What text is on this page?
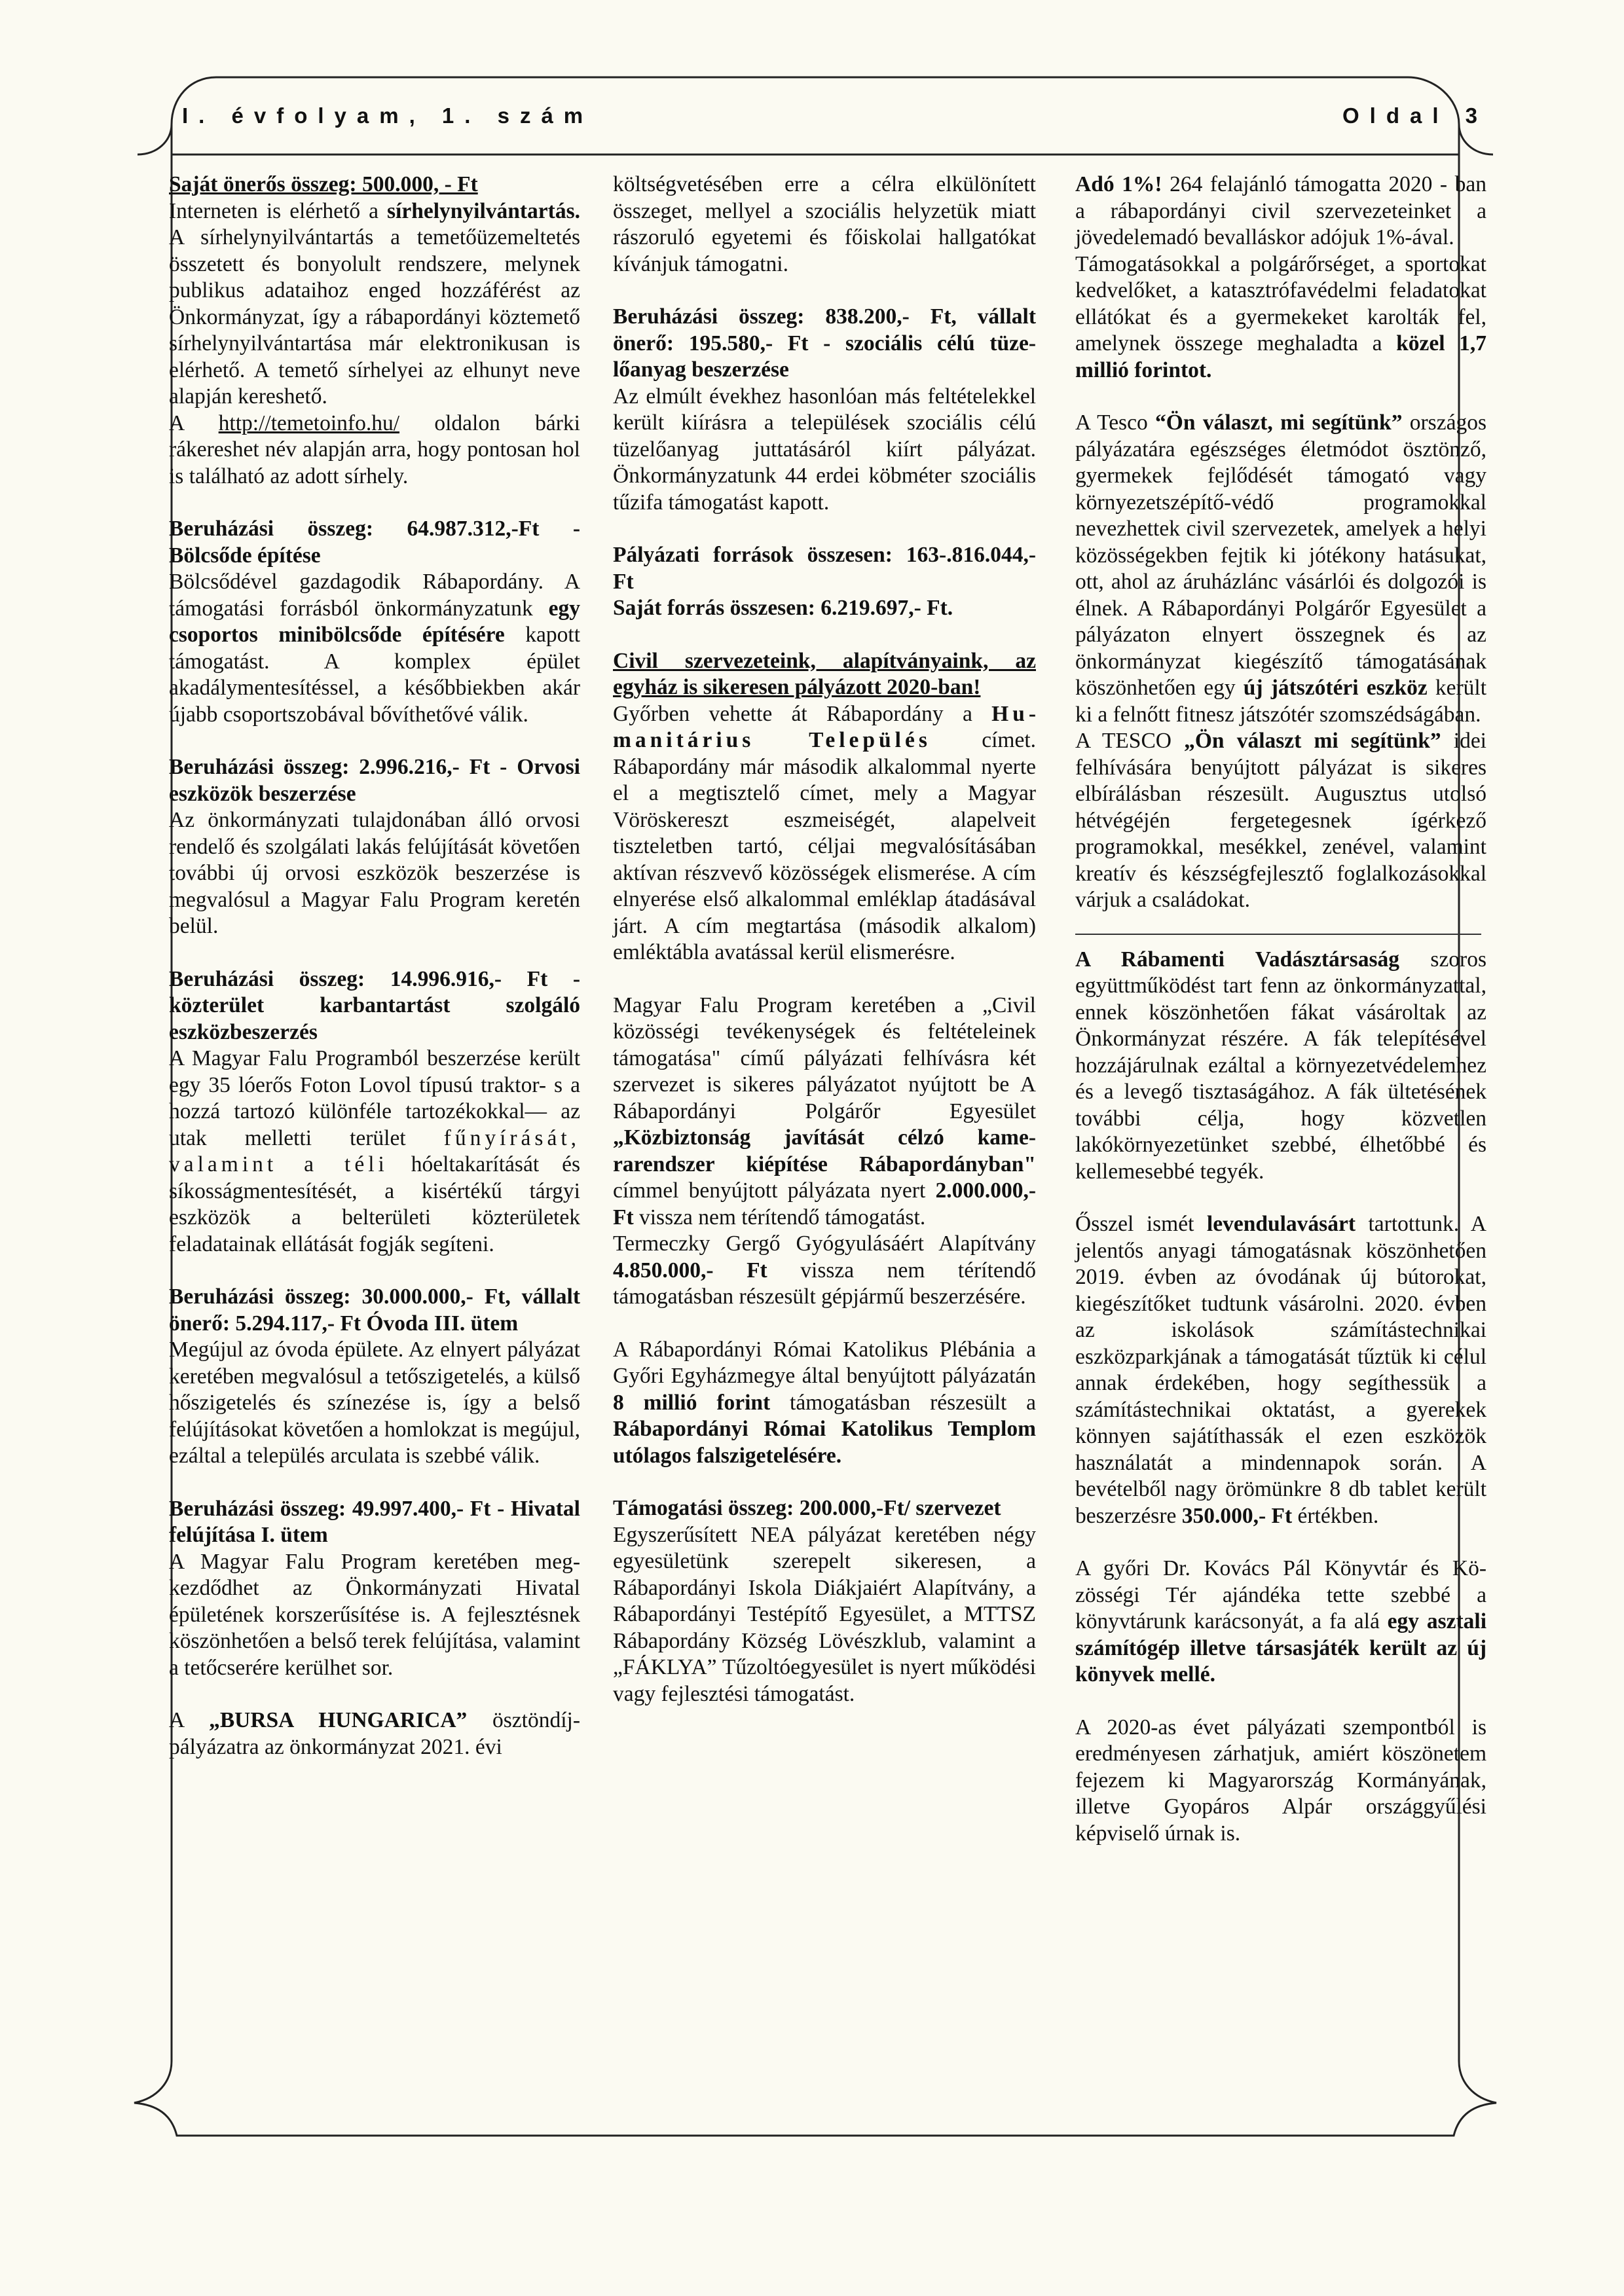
I. évfolyam, 1. szám	Oldal 3

Saját önerős összeg: 500.000, - Ft

Interneten is elérhető a sírhelynyilvántartás. A sírhelynyilvántartás a temetőüzemeltetés összetett és bonyolult rendszere, melynek publikus adataihoz enged hozzáférést az Önkormányzat, így a rábapordányi köztemető sírhelynyilvántartása már elektronikusan is elérhető. A temető sírhelyei az elhunyt neve alapján kereshető.

A http://temetoinfo.hu/ oldalon bárki rákereshet név alapján arra, hogy pontosan hol is található az adott sírhely.

Beruházási összeg: 64.987.312,-Ft - Bölcsőde építése

Bölcsődével gazdagodik Rábapordány. A támogatási forrásból önkormányzatunk egy csoportos minibölcsőde építésére kapott támogatást. A komplex épület akadálymentesítéssel, a későbbiekben akár újabb csoportszobával bővíthetővé válik.

Beruházási összeg: 2.996.216,- Ft - Orvosi eszközök beszerzése

Az önkormányzati tulajdonában álló orvosi rendelő és szolgálati lakás felújítását követően további új orvosi eszközök beszerzése is megvalósul a Magyar Falu Program keretén belül.

Beruházási összeg: 14.996.916,- Ft - közterület karbantartást szolgáló eszközbeszerzés

A Magyar Falu Programból beszerzése került egy 35 lóerős Foton Lovol típusú traktor- s a hozzá tartozó különféle tartozékokkal— az utak melletti terület fűnyírását, valamint a téli hóeltakarítását és síkosságmentesítését, a kisértékű tárgyi eszközök a belterületi közterületek feladatainak ellátását fogják segíteni.

Beruházási összeg: 30.000.000,- Ft, vállalt önerő: 5.294.117,- Ft Óvoda III. ütem

Megújul az óvoda épülete. Az elnyert pályázat keretében megvalósul a tetőszigetelés, a külső hőszigetelés és színezése is, így a belső felújításokat követően a homlokzat is megújul, ezáltal a település arculata is szebbé válik.

Beruházási összeg: 49.997.400,- Ft - Hivatal felújítása I. ütem

A Magyar Falu Program keretében megkezdődhet az Önkormányzati Hivatal épületének korszerűsítése is. A fejlesztésnek köszönhetően a belső terek felújítása, valamint a tetőcserére kerülhet sor.

A „BURSA HUNGARICA” ösztöndíjpályázatra az önkormányzat 2021. évi

költségvetésében erre a célra elkülönített összeget, mellyel a szociális helyzetük miatt rászoruló egyetemi és főiskolai hallgatókat kívánjuk támogatni.

Beruházási összeg: 838.200,- Ft, vállalt önerő: 195.580,- Ft - szociális célú tüzelőanyag beszerzése

Az elmúlt évekhez hasonlóan más feltételekkel került kiírásra a települések szociális célú tüzelőanyag juttatásáról kiírt pályázat. Önkormányzatunk 44 erdei köbméter szociális tűzifa támogatást kapott.

Pályázati források összesen: 163-.816.044,- Ft

Saját forrás összesen: 6.219.697,- Ft.

Civil szervezeteink, alapítványaink, az egyház is sikeresen pályázott 2020-ban!

Győrben vehette át Rábapordány a Humanitárius Település címet. Rábapordány már második alkalommal nyerte el a megtisztelő címet, mely a Magyar Vöröskereszt eszmeiségét, alapelveit tiszteletben tartó, céljai megvalósításában aktívan részvevő közösségek elismerése. A cím elnyerése első alkalommal emléklap átadásával járt. A cím megtartása (második alkalom) emléktábla avatással kerül elismerésre.

Magyar Falu Program keretében a „Civil közösségi tevékenységek és feltételeinek támogatása" című pályázati felhívásra két szervezet is sikeres pályázatot nyújtott be A Rábapordányi Polgárőr Egyesület „Közbiztonság javítását célzó kamerarendszer kiépítése Rábapordányban" címmel benyújtott pályázata nyert 2.000.000,- Ft vissza nem térítendő támogatást.

Termeczky Gergő Gyógyulásáért Alapítvány 4.850.000,- Ft vissza nem térítendő támogatásban részesült gépjármű beszerzésére.

A Rábapordányi Római Katolikus Plébánia a Győri Egyházmegye által benyújtott pályázatán 8 millió forint támogatásban részesült a Rábapordányi Római Katolikus Templom utólagos falszigetelésére.

Támogatási összeg: 200.000,-Ft/ szervezet

Egyszerűsített NEA pályázat keretében négy egyesületünk szerepelt sikeresen, a Rábapordányi Iskola Diákjaiért Alapítvány, a Rábapordányi Testépítő Egyesület, a MTTSZ Rábapordány Község Lövészklub, valamint a „FÁKLYA” Tűzoltóegyesület is nyert működési vagy fejlesztési támogatást.

Adó 1%! 264 felajánló támogatta 2020 - ban a rábapordányi civil szervezeteinket a jövedelemadó bevalláskor adójuk 1%-ával.

Támogatásokkal a polgárőrséget, a sportokat kedvelőket, a katasztrófavédelmi feladatokat ellátókat és a gyermekeket karolták fel, amelynek összege meghaladta a közel 1,7 millió forintot.

A Tesco “Ön választ, mi segítünk” országos pályázatára egészséges életmódot ösztönző, gyermekek fejlődését támogató vagy környezetszépítő-védő programokkal nevezhettek civil szervezetek, amelyek a helyi közösségekben fejtik ki jótékony hatásukat, ott, ahol az áruházlánc vásárlói és dolgozói is élnek. A Rábapordányi Polgárőr Egyesület a pályázaton elnyert összegnek és az önkormányzat kiegészítő támogatásának köszönhetően egy új játszótéri eszköz került ki a felnőtt fitnesz játszótér szomszédságában.

A TESCO „Ön választ mi segítünk” idei felhívására benyújtott pályázat is sikeres elbírálásban részesült. Augusztus utolsó hétvégéjén fergetegesnek ígérkező programokkal, mesékkel, zenével, valamint kreatív és készségfejlesztő foglalkozásokkal várjuk a családokat.

A Rábamenti Vadásztársaság szoros együttműködést tart fenn az önkormányzattal, ennek köszönhetően fákat vásároltak az Önkormányzat részére. A fák telepítésével hozzájárulnak ezáltal a környezetvédelemhez és a levegő tisztaságához. A fák ültetésének további célja, hogy közvetlen lakókörnyezetünket szebbé, élhetőbbé és kellemesebbé tegyék.

Ősszel ismét levendulavásárt tartottunk. A jelentős anyagi támogatásnak köszönhetően 2019. évben az óvodának új bútorokat, kiegészítőket tudtunk vásárolni. 2020. évben az iskolások számítástechnikai eszközparkjának a támogatását tűztük ki célul annak érdekében, hogy segíthessük a számítástechnikai oktatást, a gyerekek könnyen sajátíthassák el ezen eszközök használatát a mindennapok során. A bevételből nagy örömünkre 8 db tablet került beszerzésre 350.000,- Ft értékben.

A győri Dr. Kovács Pál Könyvtár és Közösségi Tér ajándéka tette szebbé a könyvtárunk karácsonyát, a fa alá egy asztali számítógép illetve társasjáték került az új könyvek mellé.

A 2020-as évet pályázati szempontból is eredményesen zárhatjuk, amiért köszönetem fejezem ki Magyarország Kormányának, illetve Gyopáros Alpár országgyűlési képviselő úrnak is.
